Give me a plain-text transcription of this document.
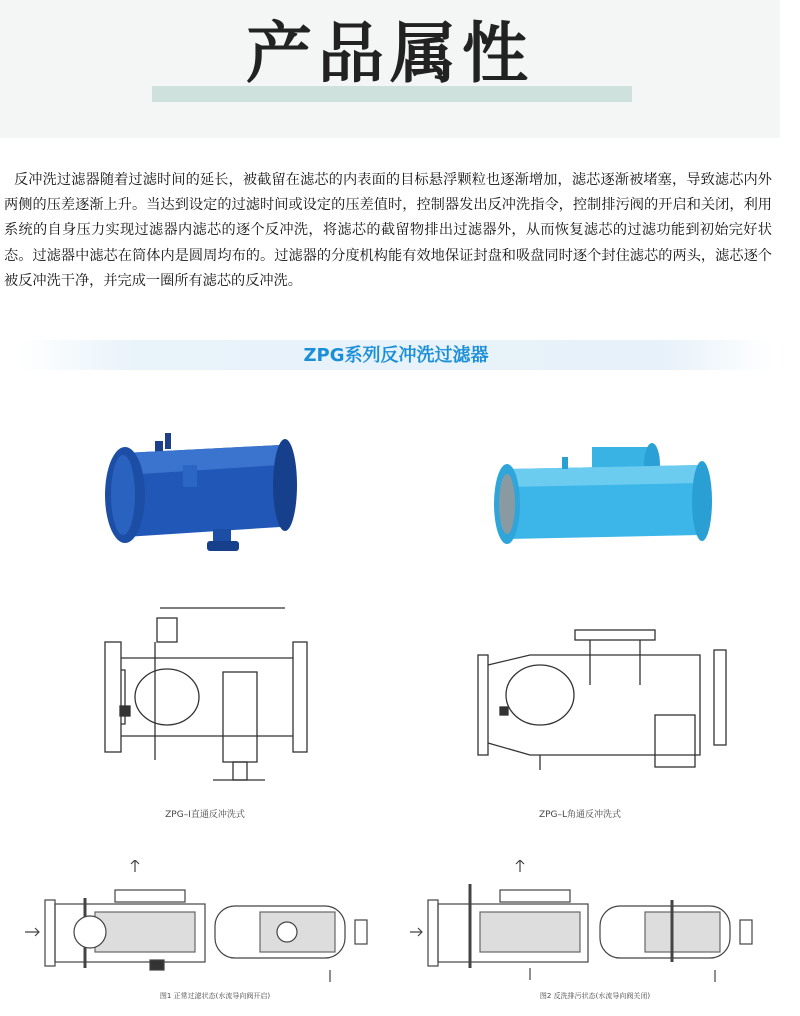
产品属性
反冲洗过滤器随着过滤时间的延长，被截留在滤芯的内表面的目标悬浮颗粒也逐渐增加，滤芯逐渐被堵塞，导致滤芯内外两侧的压差逐渐上升。当达到设定的过滤时间或设定的压差值时，控制器发出反冲洗指令，控制排污阀的开启和关闭，利用系统的自身压力实现过滤器内滤芯的逐个反冲洗，将滤芯的截留物排出过滤器外，从而恢复滤芯的过滤功能到初始完好状态。过滤器中滤芯在筒体内是圆周均布的。过滤器的分度机构能有效地保证封盘和吸盘同时逐个封住滤芯的两头，滤芯逐个被反冲洗干净，并完成一圈所有滤芯的反冲洗。
ZPG系列反冲洗过滤器
ZPG–I直通反冲洗式	ZPG–L角通反冲洗式
图1 正常过滤状态(水流导向阀开启)	图2 反洗排污状态(水流导向阀关闭)
